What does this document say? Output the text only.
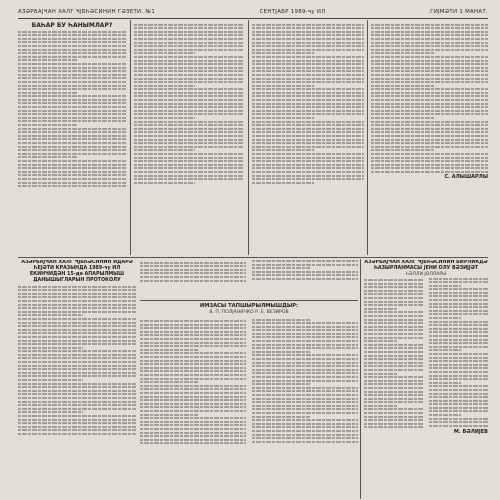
АЗӘРБАЈҸАН ХАЛГ ҸЈБҺӘСИНИН ГӘЗЕТИ. №1	СЕНТЈАБР 1989-ҹу ИЛ	ГИЈМӘТИ 1 МАНАТ.
БАҺАР БУ ҺАНЫМЛАР?
С. АЛЫШАРЛЫ
АЗӘРБАЈҸАН ХАЛГ ҸЈБҺӘСИНИН ИДАРӘ ҺЕЈӘТИ КРАЗЫНДА 1989-ҹу ИЛ ЕКИНҸИДӘН 15-дә АПАРЫЛМЫШ ДАНЫШЫГЛАРЫН ПРОТОКОЛУ
ИМЗАСЫ ТАПШЫРЫЛМЫШДЫР:
В. П. ПОЛЈАНИЧКО Р. Е. ВЕЗИРОВ
АЗӘРБАЈҸАН ХАЛГ ҸЈБҺӘСИНИН БИРЛИКДӘ ҺАЗЫРЛАНМАСЫ ЈЕНИ ОЛУ ВӘЗИЈЈӘТ
ҺӘЛЛИ ЈОЛЛАРЫ
М. ВӘЛИЈЕВ
